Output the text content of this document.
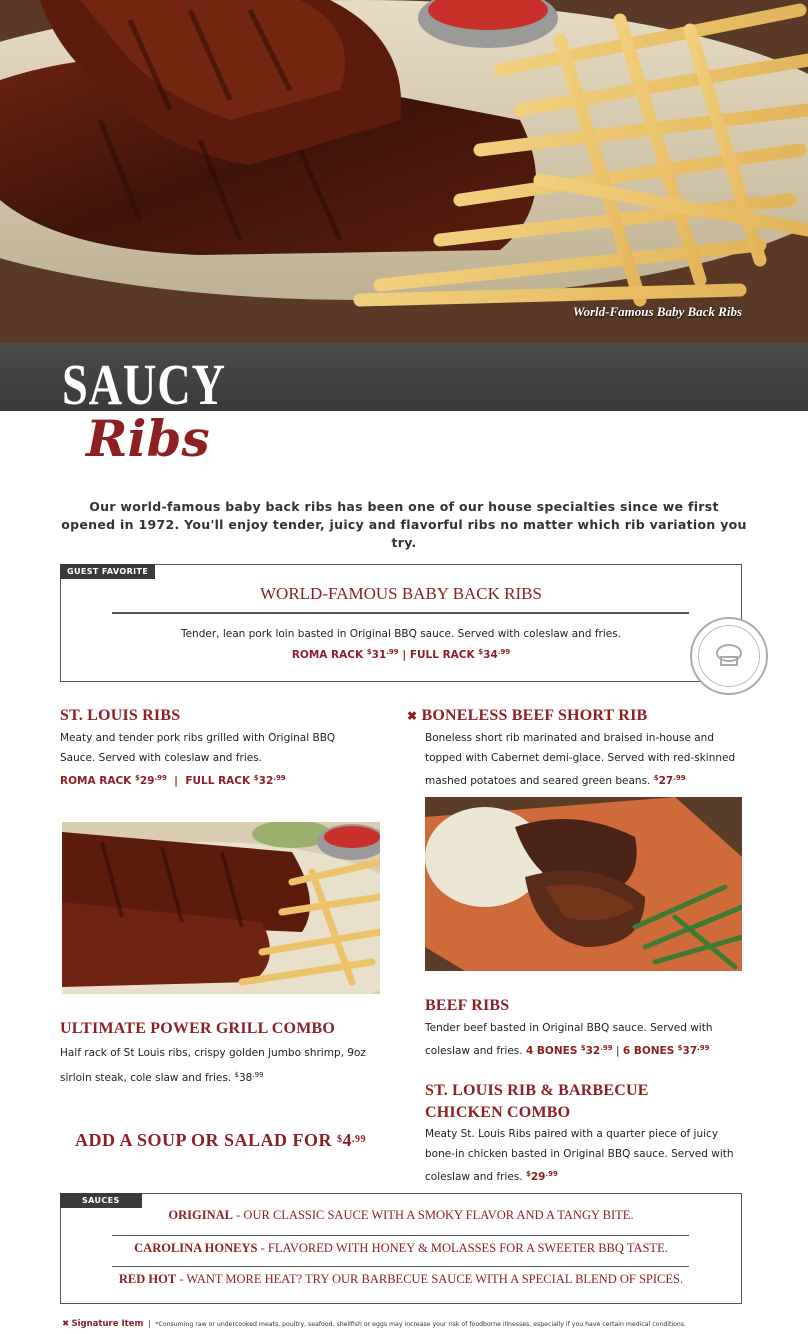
World-Famous Baby Back Ribs
SAUCY
Ribs

Our world-famous baby back ribs has been one of our house specialties since we first opened in 1972. You'll enjoy tender, juicy and flavorful ribs no matter which rib variation you try.

GUEST FAVORITE
WORLD-FAMOUS BABY BACK RIBS
Tender, lean pork loin basted in Original BBQ sauce. Served with coleslaw and fries.
ROMA RACK $^{\$}31^{.99}$ | FULL RACK $^{\$}34^{.99}$
ST. LOUIS RIBS
Meaty and tender pork ribs grilled with Original BBQ Sauce. Served with coleslaw and fries.
ROMA RACK $^{\$}29^{.99}$ | FULL RACK $^{\$}32^{.99}$
ULTIMATE POWER GRILL COMBO
Half rack of St Louis ribs, crispy golden jumbo shrimp, 9oz sirloin steak, cole slaw and fries. $^{\$}38^{.99}$
ADD A SOUP OR SALAD FOR $^{\$}4^{.99}$
✖ BONELESS BEEF SHORT RIB
Boneless short rib marinated and braised in-house and topped with Cabernet demi-glace. Served with red-skinned mashed potatoes and seared green beans. $^{\$}27^{.99}$
BEEF RIBS
Tender beef basted in Original BBQ sauce. Served with coleslaw and fries. 4 BONES $^{\$}32^{.99}$ | 6 BONES $^{\$}37^{.99}$
ST. LOUIS RIB & BARBECUE
CHICKEN COMBO
Meaty St. Louis Ribs paired with a quarter piece of juicy bone-in chicken basted in Original BBQ sauce. Served with coleslaw and fries. $^{\$}29^{.99}$
SAUCES
ORIGINAL - OUR CLASSIC SAUCE WITH A SMOKY FLAVOR AND A TANGY BITE.
CAROLINA HONEYS - FLAVORED WITH HONEY & MOLASSES FOR A SWEETER BBQ TASTE.
RED HOT - WANT MORE HEAT? TRY OUR BARBECUE SAUCE WITH A SPECIAL BLEND OF SPICES.
✖ Signature Item | *Consuming raw or undercooked meats, poultry, seafood, shellfish or eggs may increase your risk of foodborne illnesses, especially if you have certain medical conditions.
